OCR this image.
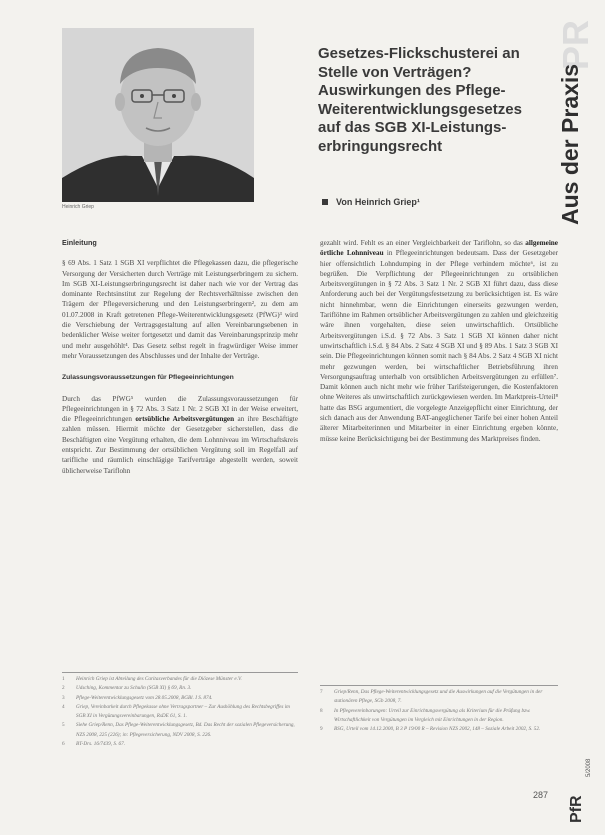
Heinrich Griep
Gesetzes-Flickschusterei an
Stelle von Verträgen?
Auswirkungen des Pflege-
Weiterentwicklungsgesetzes
auf das SGB XI-Leistungs-
erbringungsrecht
Von Heinrich Griep¹
PR
Aus der Praxis
Einleitung

§ 69 Abs. 1 Satz 1 SGB XI verpflichtet die Pflegekassen dazu, die pflegerische Versorgung der Versicherten durch Verträge mit Leistungserbringern zu sichern. Im SGB XI-Leistungserbringungsrecht ist daher nach wie vor der Vertrag das dominante Rechtsinstitut zur Regelung der Rechtsverhältnisse zwischen den Trägern der Pflegeversicherung und den Leistungserbringern², zu dem am 01.07.2008 in Kraft getretenen Pflege-Weiterentwicklungsgesetz (PfWG)³ wird die Verschiebung der Vertragsgestaltung auf allen Vereinbarungsebenen in bedenklicher Weise weiter fortgesetzt und damit das Vereinbarungsprinzip mehr und mehr ausgehöhlt⁴. Das Gesetz selbst regelt in fragwürdiger Weise immer mehr Voraussetzungen des Abschlusses und der Inhalte der Verträge.

Zulassungsvoraussetzungen für Pflegeeinrichtungen

Durch das PfWG⁵ wurden die Zulassungsvoraussetzungen für Pflegeeinrichtungen in § 72 Abs. 3 Satz 1 Nr. 2 SGB XI in der Weise erweitert, die Pflegeeinrichtungen ortsübliche Arbeitsvergütungen an ihre Beschäftigte zahlen müssen. Hiermit möchte der Gesetzgeber sicherstellen, dass die Beschäftigten eine Vergütung erhalten, die dem Lohnniveau im Wirtschaftskreis entspricht. Zur Bestimmung der ortsüblichen Vergütung soll im Regelfall auf tarifliche und räumlich einschlägige Tarifverträge abgestellt werden, soweit üblicherweise Tariflohn

gezahlt wird. Fehlt es an einer Vergleichbarkeit der Tariflohn, so das allgemeine örtliche Lohnniveau in Pflegeeinrichtungen bedeutsam. Dass der Gesetzgeber hier offensichtlich Lohndumping in der Pflege verhindern möchte⁶, ist zu begrüßen. Die Verpflichtung der Pflegeeinrichtungen zu ortsüblichen Arbeitsvergütungen in § 72 Abs. 3 Satz 1 Nr. 2 SGB XI führt dazu, dass diese Anforderung auch bei der Vergütungsfestsetzung zu berücksichtigen ist. Es wäre nicht hinnehmbar, wenn die Einrichtungen einerseits gezwungen werden, Tariflöhne im Rahmen ortsüblicher Arbeitsvergütungen zu zahlen und gleichzeitig wäre ihnen vorgehalten, diese seien unwirtschaftlich. Ortsübliche Arbeitsvergütungen i.S.d. § 72 Abs. 3 Satz 1 SGB XI können daher nicht unwirtschaftlich i.S.d. § 84 Abs. 2 Satz 4 SGB XI und § 89 Abs. 1 Satz 3 SGB XI sein. Die Pflegeeinrichtungen können somit nach § 84 Abs. 2 Satz 4 SGB XI nicht mehr gezwungen werden, bei wirtschaftlicher Betriebsführung ihren Versorgungsauftrag unterhalb von ortsüblichen Arbeitsvergütungen zu erfüllen⁷. Damit können auch nicht mehr wie früher Tarifsteigerungen, die Kostenfaktoren ohne Weiteres als unwirtschaftlich zurückgewiesen werden. Im Marktpreis-Urteil⁸ hatte das BSG argumentiert, die vorgelegte Anzeigepflicht einer Einrichtung, der sich danach aus der Anwendung BAT-angeglichener Tarife bei einer hohen Anteil älterer Mitarbeiterinnen und Mitarbeiter in einer Einrichtung ergeben könnte, müsse keine Berücksichtigung bei der Bestimmung des Marktpreises finden.

1	Heinrich Griep ist Abteilung des Caritasverbandes für die Diözese Münster e.V.
2	Udsching, Kommentar zu Schulin (SGB XI) § 69, Rn. 3.
3	Pflege-Weiterentwicklungsgesetz vom 28.05.2008, BGBl. I S. 874.
4	Griep, Vereinbarkeit durch Pflegekasse ohne Vertragspartner – Zur Aushöhlung des Rechtsbegriffes im SGB XI in Vergütungsvereinbarungen, RsDE 61, S. 1.
5	Siehe Griep/Renn, Das Pflege-Weiterentwicklungsgesetz, Bd. Das Recht der sozialen Pflegeversicherung, NZS 2008, 225 (226); in: Pflegeversicherung, NDV 2008, S. 226.
6	BT-Drs. 16/7439, S. 67.
7	Griep/Renn, Das Pflege-Weiterentwicklungsgesetz und die Auswirkungen auf die Vergütungen in der stationären Pflege, SGb 2008, 7.
8	In Pflegevereinbarungen: Urteil zur Einrichtungsvergütung als Kriterium für die Prüfung bzw. Wirtschaftlichkeit von Vergütungen im Vergleich mit Einrichtungen in der Region.
9	BSG, Urteil vom 14.12.2000, B 3 P 19/00 R – Revision NZS 2002, 148 – Soziale Arbeit 2002, S. 52.
287
PfR
5/2008
